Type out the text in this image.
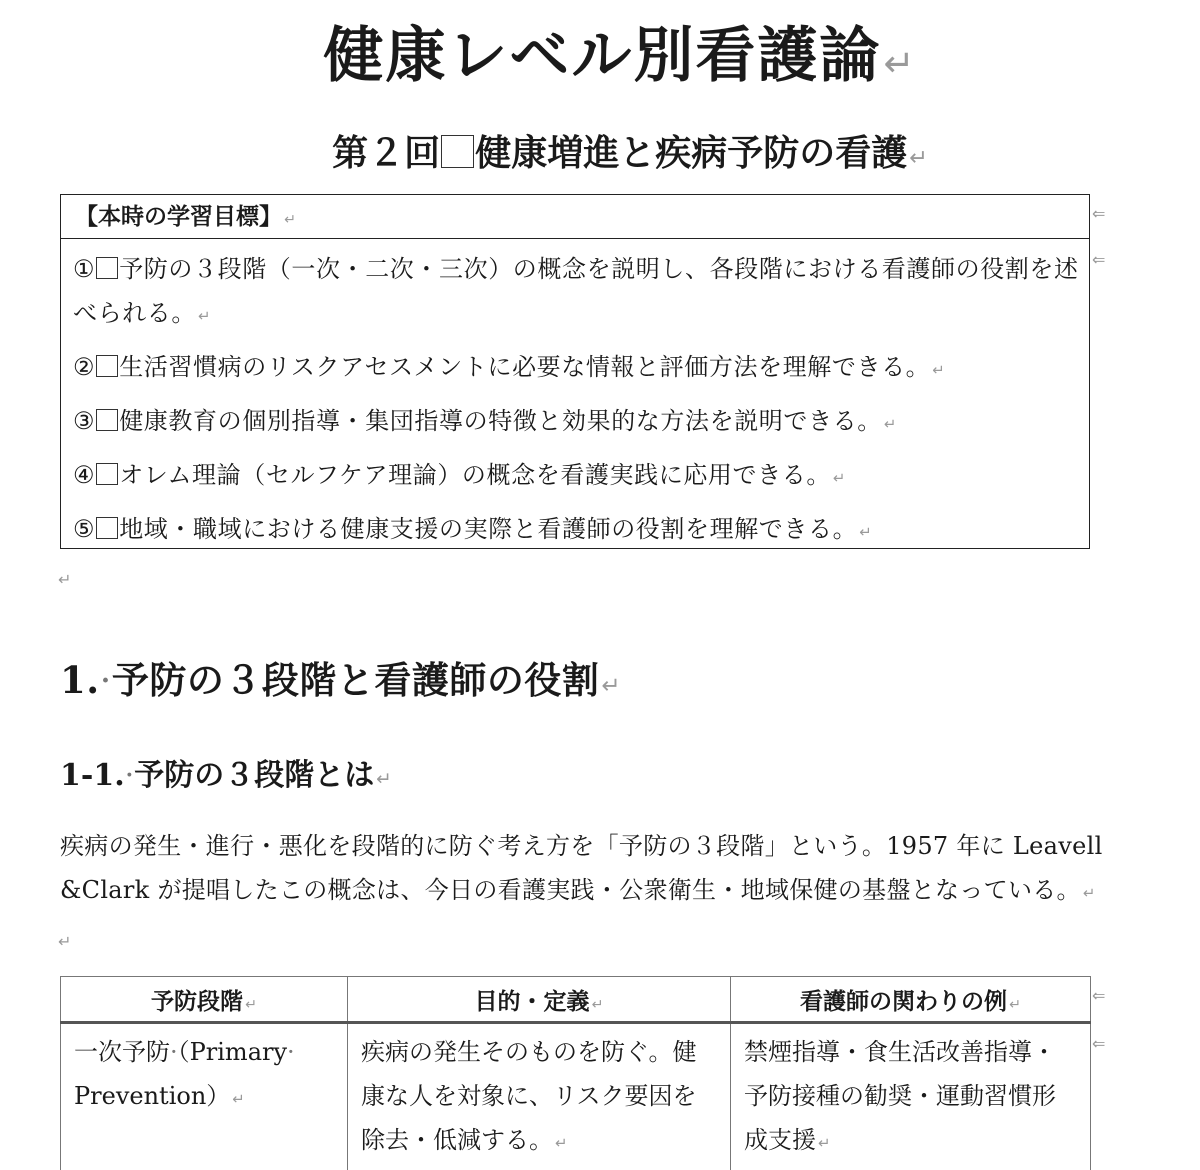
健康レベル別看護論↵
第２回 健康増進と疾病予防の看護↵
【本時の学習目標】 ↵
① 予防の３段階（一次・二次・三次）の概念を説明し、各段階における看護師の役割を述べられる。 ↵
② 生活習慣病のリスクアセスメントに必要な情報と評価方法を理解できる。 ↵
③ 健康教育の個別指導・集団指導の特徴と効果的な方法を説明できる。 ↵
④ オレム理論（セルフケア理論）の概念を看護実践に応用できる。 ↵
⑤ 地域・職域における健康支援の実際と看護師の役割を理解できる。 ↵
⇐
⇐
↵
1.·予防の３段階と看護師の役割↵
1-1.·予防の３段階とは ↵
疾病の発生・進行・悪化を段階的に防ぐ考え方を「予防の３段階」という。1957 年に Leavell &Clark が提唱したこの概念は、今日の看護実践・公衆衛生・地域保健の基盤となっている。 ↵
↵
予防段階 ↵	目的・定義 ↵	看護師の関わりの例 ↵
一次予防·（Primary·
Prevention） ↵	疾病の発生そのものを防ぐ。健康な人を対象に、リスク要因を除去・低減する。 ↵	禁煙指導・食生活改善指導・予防接種の勧奨・運動習慣形成支援 ↵
⇐
⇐
